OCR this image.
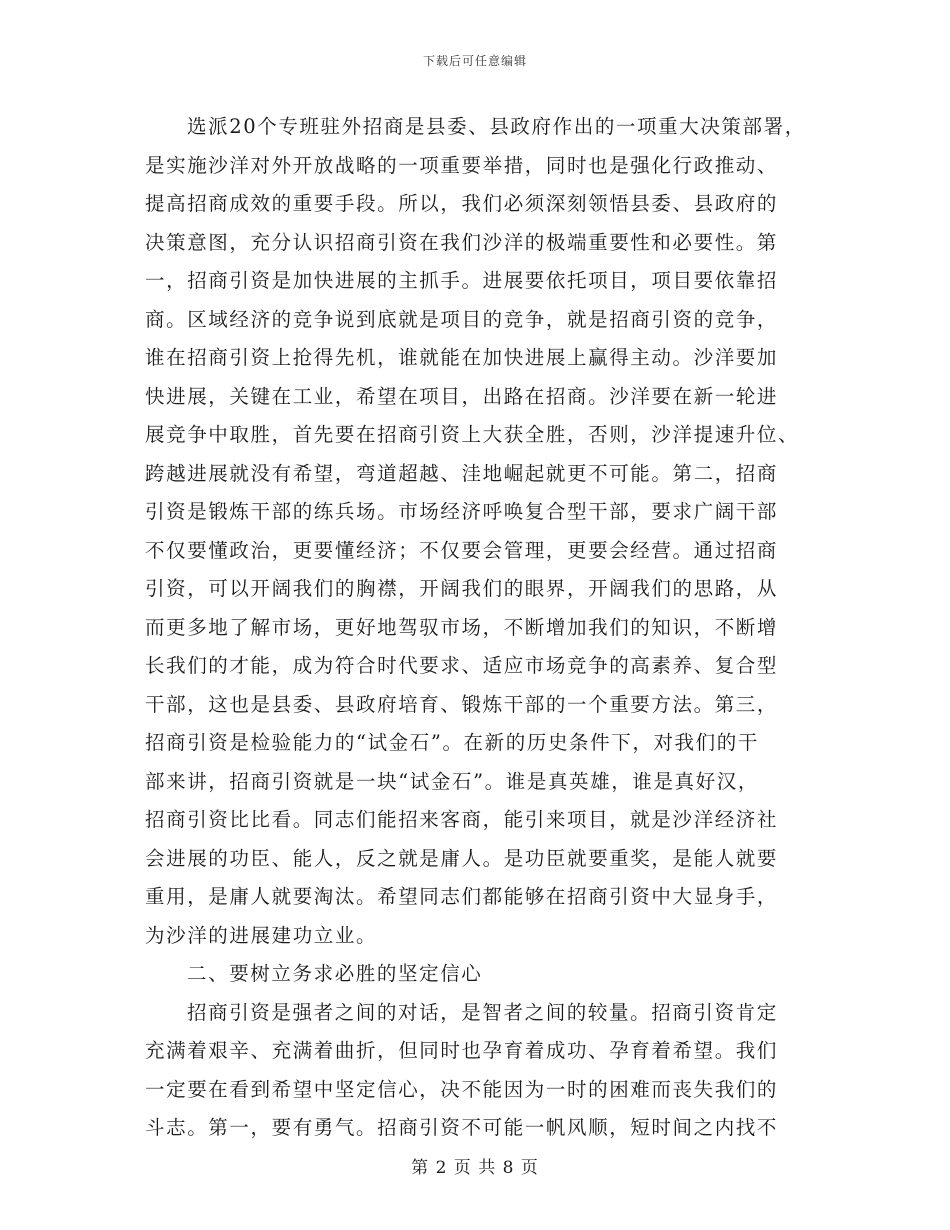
下载后可任意编辑
选派20个专班驻外招商是县委、县政府作出的一项重大决策部署，
是实施沙洋对外开放战略的一项重要举措，同时也是强化行政推动、
提高招商成效的重要手段。所以，我们必须深刻领悟县委、县政府的
决策意图，充分认识招商引资在我们沙洋的极端重要性和必要性。第
一，招商引资是加快进展的主抓手。进展要依托项目，项目要依靠招
商。区域经济的竞争说到底就是项目的竞争，就是招商引资的竞争，
谁在招商引资上抢得先机，谁就能在加快进展上赢得主动。沙洋要加
快进展，关键在工业，希望在项目，出路在招商。沙洋要在新一轮进
展竞争中取胜，首先要在招商引资上大获全胜，否则，沙洋提速升位、
跨越进展就没有希望，弯道超越、洼地崛起就更不可能。第二，招商
引资是锻炼干部的练兵场。市场经济呼唤复合型干部，要求广阔干部
不仅要懂政治，更要懂经济；不仅要会管理，更要会经营。通过招商
引资，可以开阔我们的胸襟，开阔我们的眼界，开阔我们的思路，从
而更多地了解市场，更好地驾驭市场，不断增加我们的知识，不断增
长我们的才能，成为符合时代要求、适应市场竞争的高素养、复合型
干部，这也是县委、县政府培育、锻炼干部的一个重要方法。第三，
招商引资是检验能力的“试金石”。在新的历史条件下，对我们的干
部来讲，招商引资就是一块“试金石”。谁是真英雄，谁是真好汉，
招商引资比比看。同志们能招来客商，能引来项目，就是沙洋经济社
会进展的功臣、能人，反之就是庸人。是功臣就要重奖，是能人就要
重用，是庸人就要淘汰。希望同志们都能够在招商引资中大显身手，
为沙洋的进展建功立业。
二、要树立务求必胜的坚定信心
招商引资是强者之间的对话，是智者之间的较量。招商引资肯定
充满着艰辛、充满着曲折，但同时也孕育着成功、孕育着希望。我们
一定要在看到希望中坚定信心，决不能因为一时的困难而丧失我们的
斗志。第一，要有勇气。招商引资不可能一帆风顺，短时间之内找不
第 2 页 共 8 页
